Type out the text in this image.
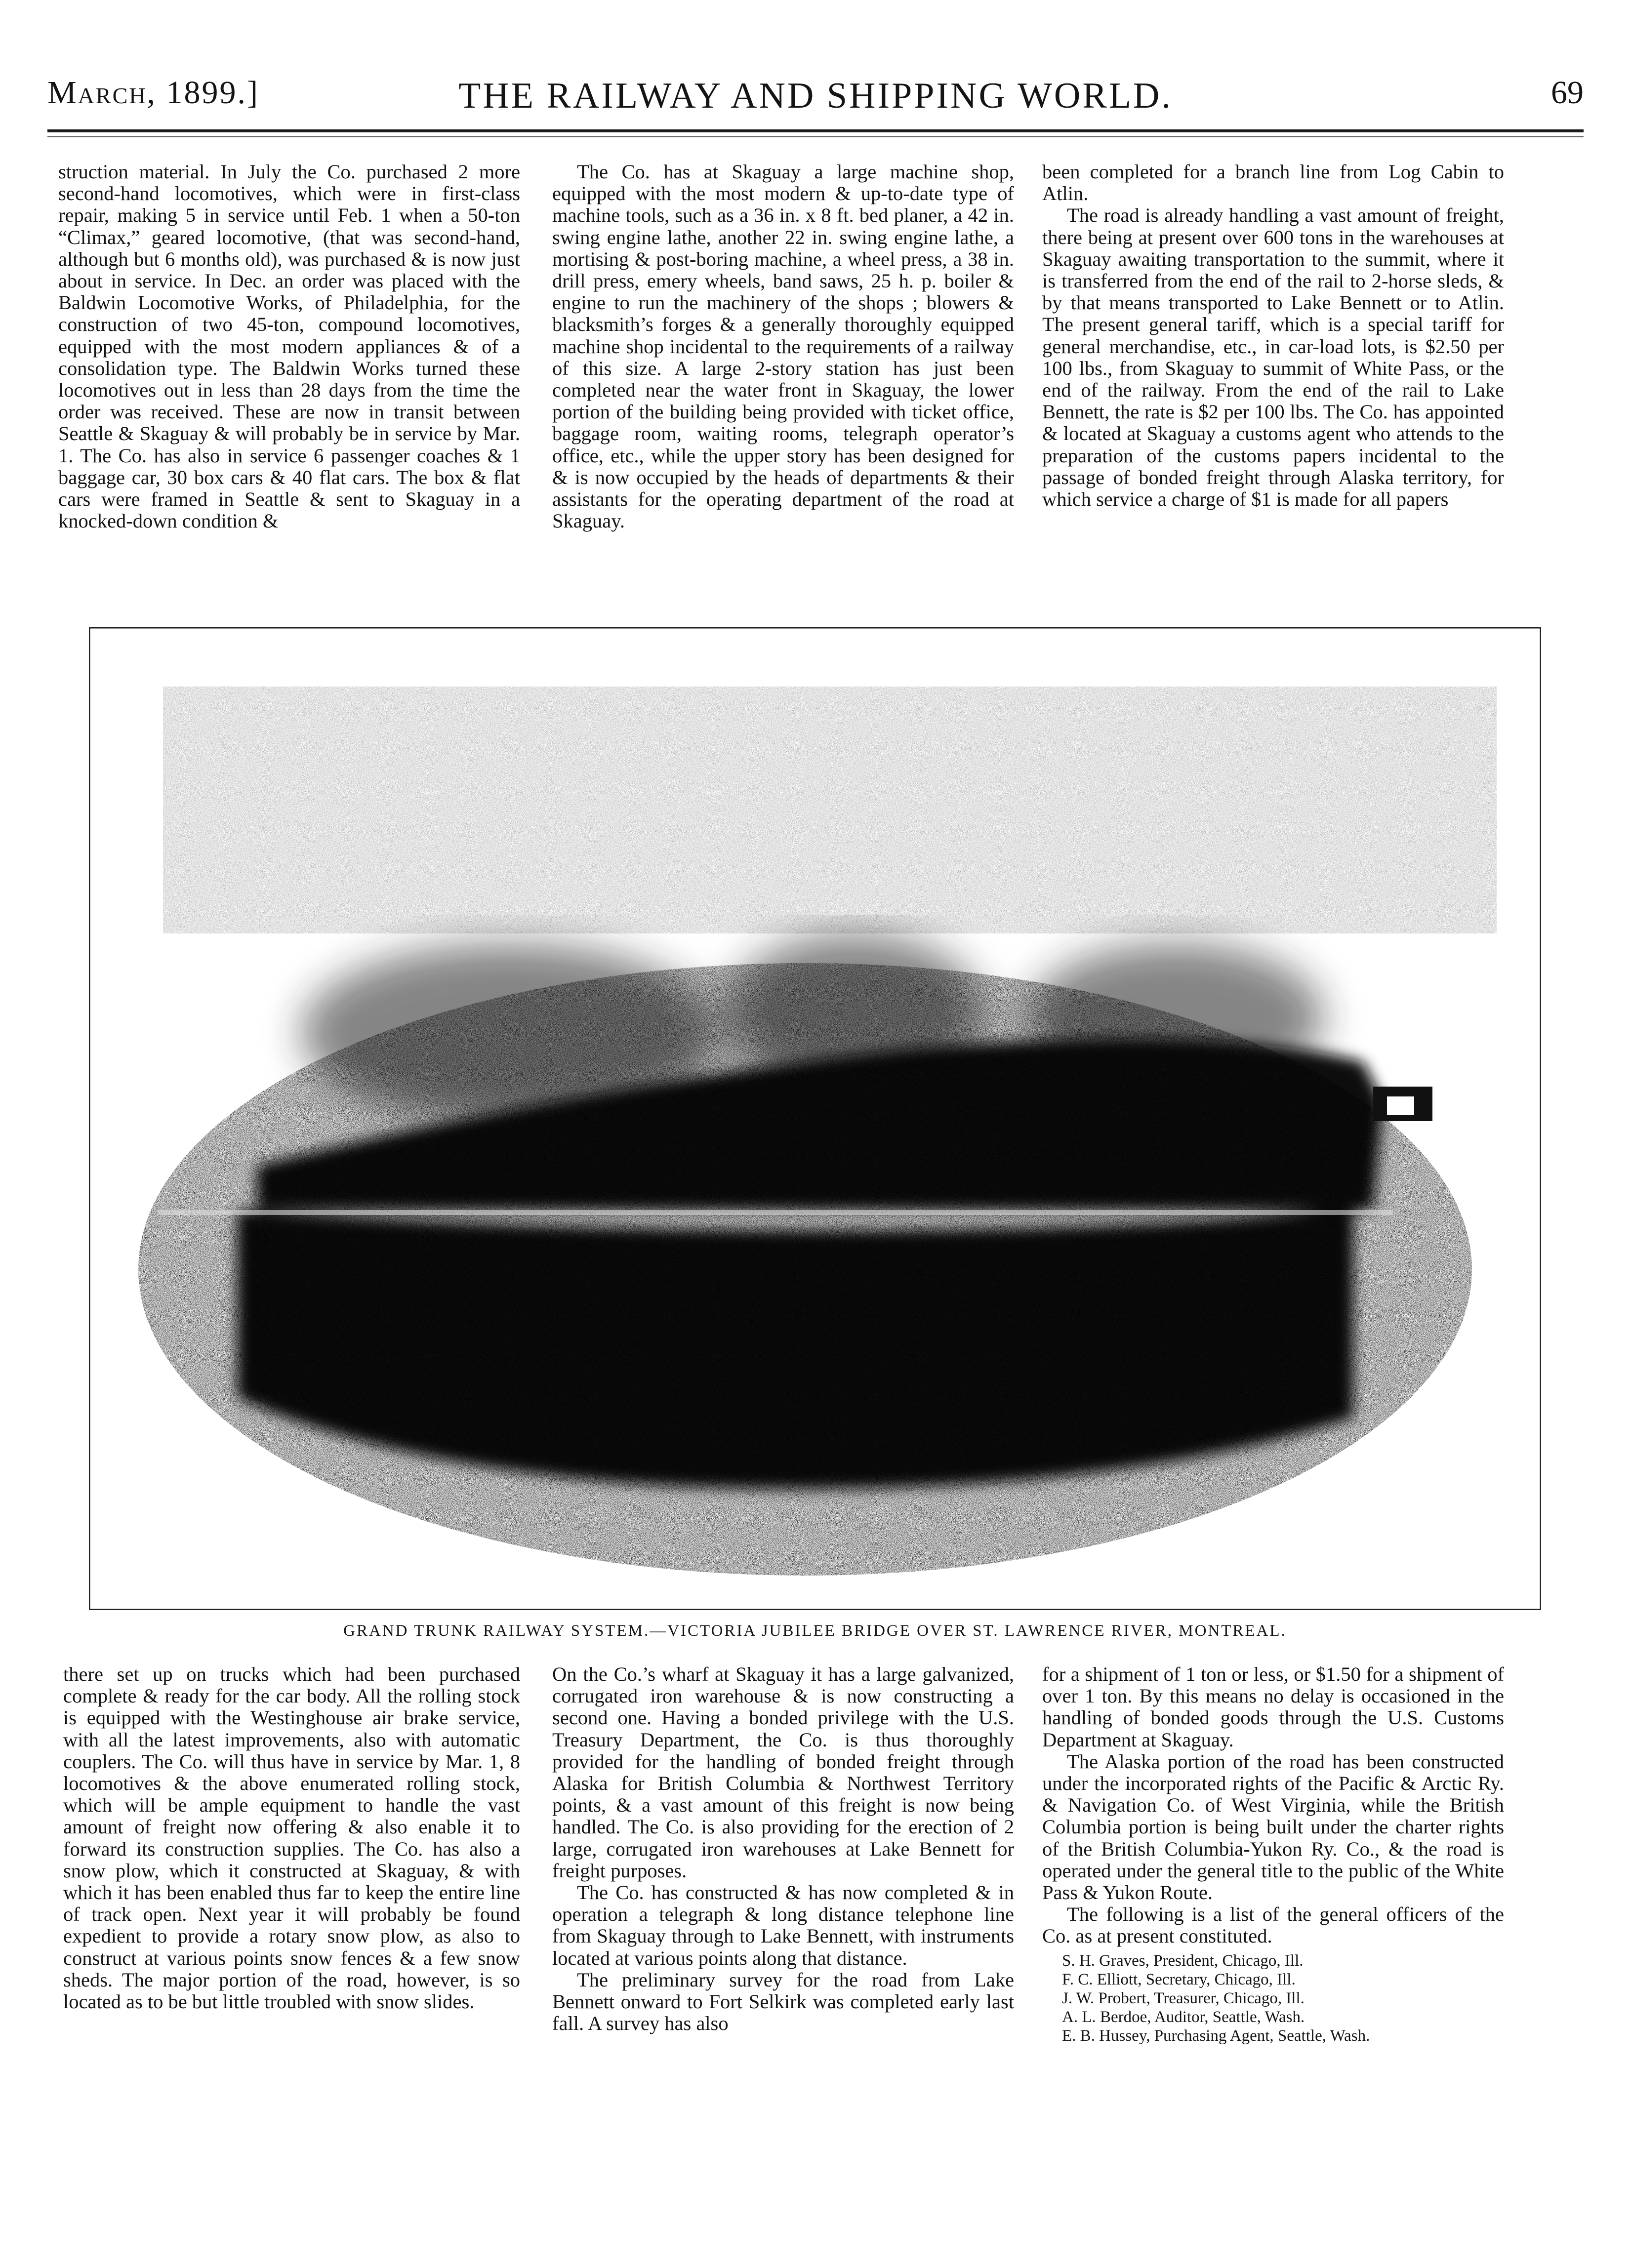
March, 1899.]	THE RAILWAY AND SHIPPING WORLD.	69

struction material. In July the Co. purchased 2 more second-hand locomotives, which were in first-class repair, making 5 in service until Feb. 1 when a 50-ton “Climax,” geared locomotive, (that was second-hand, although but 6 months old), was purchased & is now just about in service. In Dec. an order was placed with the Baldwin Locomotive Works, of Philadelphia, for the construction of two 45-ton, compound locomotives, equipped with the most modern appliances & of a consolidation type. The Baldwin Works turned these locomotives out in less than 28 days from the time the order was received. These are now in transit between Seattle & Skaguay & will probably be in service by Mar. 1. The Co. has also in service 6 passenger coaches & 1 baggage car, 30 box cars & 40 flat cars. The box & flat cars were framed in Seattle & sent to Skaguay in a knocked-down condition &

The Co. has at Skaguay a large machine shop, equipped with the most modern & up-to-date type of machine tools, such as a 36 in. x 8 ft. bed planer, a 42 in. swing engine lathe, another 22 in. swing engine lathe, a mortising & post-boring machine, a wheel press, a 38 in. drill press, emery wheels, band saws, 25 h. p. boiler & engine to run the machinery of the shops ; blowers & blacksmith’s forges & a generally thoroughly equipped machine shop incidental to the requirements of a railway of this size. A large 2-story station has just been completed near the water front in Skaguay, the lower portion of the building being provided with ticket office, baggage room, waiting rooms, telegraph operator’s office, etc., while the upper story has been designed for & is now occupied by the heads of departments & their assistants for the operating department of the road at Skaguay.

been completed for a branch line from Log Cabin to Atlin.

The road is already handling a vast amount of freight, there being at present over 600 tons in the warehouses at Skaguay awaiting transportation to the summit, where it is transferred from the end of the rail to 2-horse sleds, & by that means transported to Lake Bennett or to Atlin. The present general tariff, which is a special tariff for general merchandise, etc., in car-load lots, is $2.50 per 100 lbs., from Skaguay to summit of White Pass, or the end of the railway. From the end of the rail to Lake Bennett, the rate is $2 per 100 lbs. The Co. has appointed & located at Skaguay a customs agent who attends to the preparation of the customs papers incidental to the passage of bonded freight through Alaska territory, for which service a charge of $1 is made for all papers

GRAND TRUNK RAILWAY SYSTEM.—VICTORIA JUBILEE BRIDGE OVER ST. LAWRENCE RIVER, MONTREAL.

there set up on trucks which had been purchased complete & ready for the car body. All the rolling stock is equipped with the Westinghouse air brake service, with all the latest improvements, also with automatic couplers. The Co. will thus have in service by Mar. 1, 8 locomotives & the above enumerated rolling stock, which will be ample equipment to handle the vast amount of freight now offering & also enable it to forward its construction supplies. The Co. has also a snow plow, which it constructed at Skaguay, & with which it has been enabled thus far to keep the entire line of track open. Next year it will probably be found expedient to provide a rotary snow plow, as also to construct at various points snow fences & a few snow sheds. The major portion of the road, however, is so located as to be but little troubled with snow slides.

On the Co.’s wharf at Skaguay it has a large galvanized, corrugated iron warehouse & is now constructing a second one. Having a bonded privilege with the U.S. Treasury Department, the Co. is thus thoroughly provided for the handling of bonded freight through Alaska for British Columbia & Northwest Territory points, & a vast amount of this freight is now being handled. The Co. is also providing for the erection of 2 large, corrugated iron warehouses at Lake Bennett for freight purposes.

The Co. has constructed & has now completed & in operation a telegraph & long distance telephone line from Skaguay through to Lake Bennett, with instruments located at various points along that distance.

The preliminary survey for the road from Lake Bennett onward to Fort Selkirk was completed early last fall. A survey has also

for a shipment of 1 ton or less, or $1.50 for a shipment of over 1 ton. By this means no delay is occasioned in the handling of bonded goods through the U.S. Customs Department at Skaguay.

The Alaska portion of the road has been constructed under the incorporated rights of the Pacific & Arctic Ry. & Navigation Co. of West Virginia, while the British Columbia portion is being built under the charter rights of the British Columbia-Yukon Ry. Co., & the road is operated under the general title to the public of the White Pass & Yukon Route.

The following is a list of the general officers of the Co. as at present constituted.

S. H. Graves, President, Chicago, Ill.
F. C. Elliott, Secretary, Chicago, Ill.
J. W. Probert, Treasurer, Chicago, Ill.
A. L. Berdoe, Auditor, Seattle, Wash.
E. B. Hussey, Purchasing Agent, Seattle, Wash.
